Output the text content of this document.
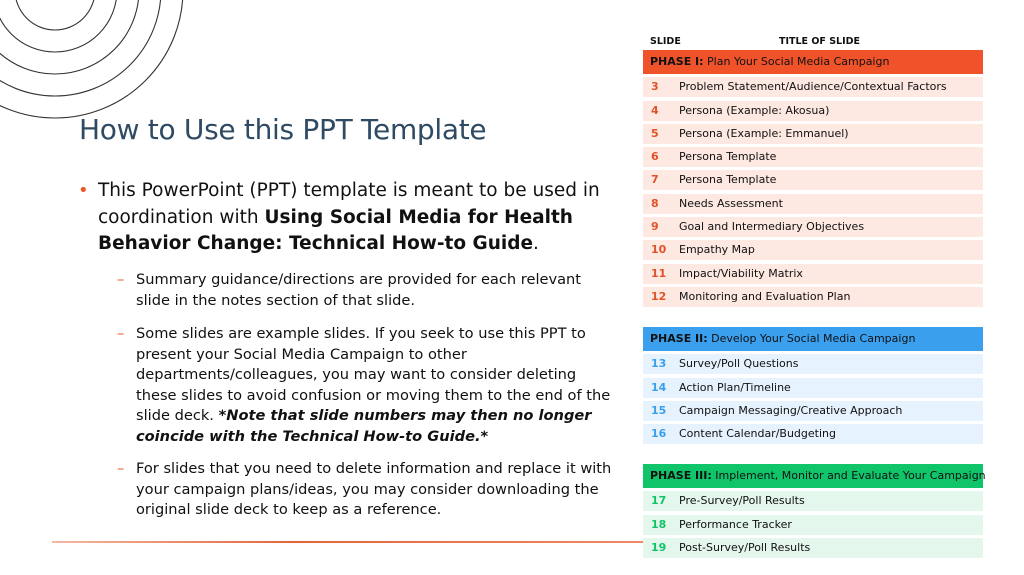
How to Use this PPT Template
• This PowerPoint (PPT) template is meant to be used in coordination with Using Social Media for Health Behavior Change: Technical How-to Guide.
– Summary guidance/directions are provided for each relevant slide in the notes section of that slide.
– Some slides are example slides. If you seek to use this PPT to present your Social Media Campaign to other departments/colleagues, you may want to consider deleting these slides to avoid confusion or moving them to the end of the slide deck. *Note that slide numbers may then no longer coincide with the Technical How-to Guide.*
– For slides that you need to delete information and replace it with your campaign plans/ideas, you may consider downloading the original slide deck to keep as a reference.
SLIDE	TITLE OF SLIDE
PHASE I: Plan Your Social Media Campaign
3 Problem Statement/Audience/Contextual Factors
4 Persona (Example: Akosua)
5 Persona (Example: Emmanuel)
6 Persona Template
7 Persona Template
8 Needs Assessment
9 Goal and Intermediary Objectives
10 Empathy Map
11 Impact/Viability Matrix
12 Monitoring and Evaluation Plan
PHASE II: Develop Your Social Media Campaign
13 Survey/Poll Questions
14 Action Plan/Timeline
15 Campaign Messaging/Creative Approach
16 Content Calendar/Budgeting
PHASE III: Implement, Monitor and Evaluate Your Campaign
17 Pre-Survey/Poll Results
18 Performance Tracker
19 Post-Survey/Poll Results
